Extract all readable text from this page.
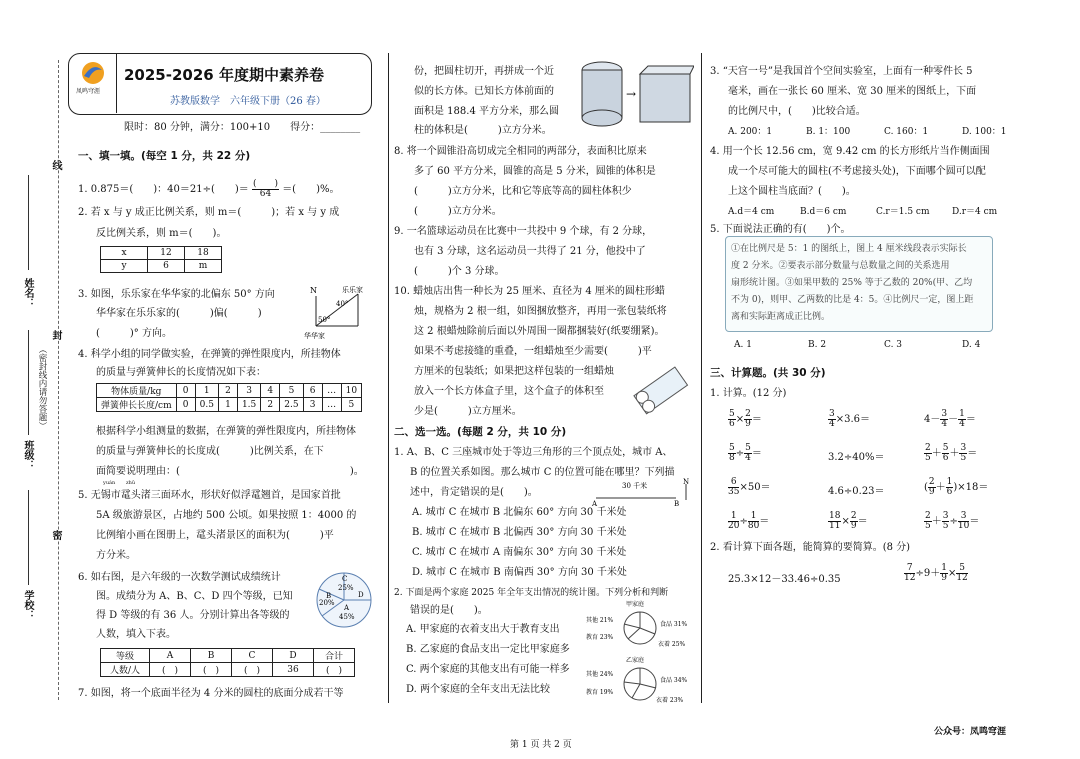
线
封
密
姓名：
班级：
学校：
（密封线内请勿答题）
凤鸣穹涯
2025-2026 年度期中素养卷
苏教版数学　六年级下册（26 春）
限时：80 分钟，满分：100+10　　得分：________
一、填一填。(每空 1 分，共 22 分)
1. 0.875＝(　　)：40＝21÷(　　)＝ $\frac{( )}{64}$ ＝(　　)%。
2. 若 x 与 y 成正比例关系，则 m＝(　　　)；若 x 与 y 成
反比例关系，则 m＝(　　)。
x	12	18
y	6	m
3. 如图，乐乐家在华华家的北偏东 50° 方向
华华家在乐乐家的(　　　)偏(　　　)
(　　　)° 方向。
N	乐乐家
40°
50°
华华家
4. 科学小组的同学做实验，在弹簧的弹性限度内，所挂物体
的质量与弹簧伸长的长度情况如下表：
物体质量/kg	0	1	2	3	4	5	6	…	10
弹簧伸长长度/cm	0	0.5	1	1.5	2	2.5	3	…	5
根据科学小组测量的数据，在弹簧的弹性限度内，所挂物体
的质量与弹簧伸长的长度成(　　　)比例关系，在下
面简要说明理由：(　　　　　　　　　　　　　　　　　)。
yuán zhǔ
5. 无锡市鼋头渚三面环水，形状好似浮鼋翘首，是国家首批
5A 级旅游景区，占地约 500 公顷。如果按照 1：4000 的
比例缩小画在图册上，鼋头渚景区的面积为(　　　)平
方分米。
6. 如右图，是六年级的一次数学测试成绩统计
图。成绩分为 A、B、C、D 四个等级，已知
得 D 等级的有 36 人。分别计算出各等级的
人数，填入下表。
C
25%
B
20%
D
A
45%
等级	A	B	C	D	合计
人数/人	(　)	(　)	(　)	36	(　)
7. 如图，将一个底面半径为 4 分米的圆柱的底面分成若干等
份，把圆柱切开，再拼成一个近
似的长方体。已知长方体前面的
面积是 188.4 平方分米，那么圆
柱的体积是(　　　)立方分米。
→
8. 将一个圆锥沿高切成完全相同的两部分，表面积比原来
多了 60 平方分米，圆锥的高是 5 分米，圆锥的体积是
(　　　)立方分米，比和它等底等高的圆柱体积少
(　　　)立方分米。
9. 一名篮球运动员在比赛中一共投中 9 个球，有 2 分球，
也有 3 分球，这名运动员一共得了 21 分，他投中了
(　　　)个 3 分球。
10. 蜡烛店出售一种长为 25 厘米、直径为 4 厘米的圆柱形蜡
烛，规格为 2 根一组，如图捆放整齐，再用一张包装纸将
这 2 根蜡烛除前后面以外周围一圈都捆装好(纸要绷紧)。
如果不考虑接缝的重叠，一组蜡烛至少需要(　　　)平
方厘米的包装纸；如果把这样包装的一组蜡烛
放入一个长方体盒子里，这个盒子的体积至
少是(　　　)立方厘米。
二、选一选。(每题 2 分，共 10 分)
1. A、B、C 三座城市处于等边三角形的三个顶点处，城市 A、
B 的位置关系如图。那么城市 C 的位置可能在哪里？下列描
述中，肯定错误的是(　　)。
30 千米
A	B
N
A. 城市 C 在城市 B 北偏东 60° 方向 30 千米处
B. 城市 C 在城市 B 北偏西 30° 方向 30 千米处
C. 城市 C 在城市 A 南偏东 30° 方向 30 千米处
D. 城市 C 在城市 B 南偏西 30° 方向 30 千米处
2. 下面是两个家庭 2025 年全年支出情况的统计图。下列分析和判断
错误的是(　　)。
A. 甲家庭的衣着支出大于教育支出
B. 乙家庭的食品支出一定比甲家庭多
C. 两个家庭的其他支出有可能一样多
D. 两个家庭的全年支出无法比较
甲家庭
其他 21%
教育 23%
食品 31%
衣着 25%
乙家庭
其他 24%
教育 19%
食品 34%
衣着 23%
3. “天宫一号”是我国首个空间实验室，上面有一种零件长 5
毫米，画在一张长 60 厘米、宽 30 厘米的图纸上，下面
的比例尺中，(　　)比较合适。
A. 200：1	B. 1：100	C. 160：1	D. 100：1
4. 用一个长 12.56 cm，宽 9.42 cm 的长方形纸片当作侧面围
成一个尽可能大的圆柱(不考虑接头处)，下面哪个圆可以配
上这个圆柱当底面？(　　)。
A.d＝4 cm	B.d＝6 cm	C.r＝1.5 cm	D.r＝4 cm
5. 下面说法正确的有(　　)个。
①在比例尺是 5：1 的图纸上，图上 4 厘米线段表示实际长
度 2 分米。②要表示部分数量与总数量之间的关系选用
扇形统计图。③如果甲数的 25% 等于乙数的 20%(甲、乙均
不为 0)，则甲、乙两数的比是 4：5。④比例尺一定，图上距
离和实际距离成正比例。
A. 1	B. 2	C. 3	D. 4
三、计算题。(共 30 分)
1. 计算。(12 分)
$\frac{5}{6} \times \frac{2}{9}$ ＝	$\frac{3}{4} \times 3.6=$	$4- \frac{3}{4} - \frac{1}{4}$ ＝
$\frac{5}{8} \div \frac{5}{4}$ ＝	3.2÷40%＝	$\frac{2}{5} + \frac{5}{6} + \frac{3}{5}$ ＝
$\frac{6}{35} \times 50=$	4.6÷0.23＝	( $\frac{2}{9} + \frac{1}{6} )\times 18=$
$\frac{1}{20} \div \frac{1}{80}$ ＝	$\frac{18}{11} \times \frac{2}{9}$ ＝	$\frac{2}{5} + \frac{3}{5} \div \frac{3}{10}$ ＝
2. 看计算下面各题，能简算的要简算。(8 分)
25.3×12－33.46÷0.35	$\frac{7}{12} \div 9+ \frac{1}{9} \times \frac{5}{12}$
公众号：凤鸣穹涯
第 1 页 共 2 页
